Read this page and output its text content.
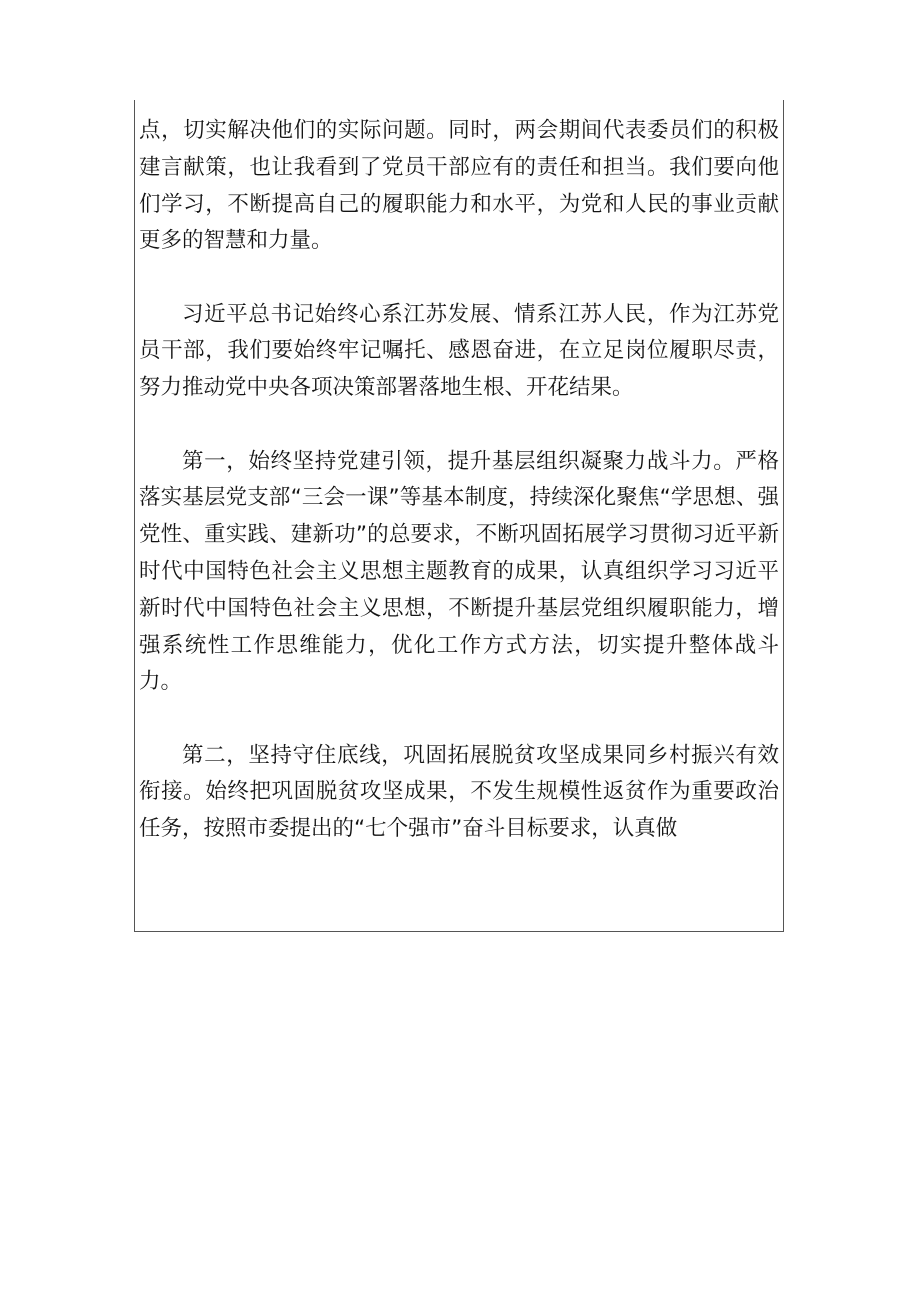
点，切实解决他们的实际问题。同时，两会期间代表委员们的积极建言献策，也让我看到了党员干部应有的责任和担当。我们要向他们学习，不断提高自己的履职能力和水平，为党和人民的事业贡献更多的智慧和力量。

习近平总书记始终心系江苏发展、情系江苏人民，作为江苏党员干部，我们要始终牢记嘱托、感恩奋进，在立足岗位履职尽责，努力推动党中央各项决策部署落地生根、开花结果。

第一，始终坚持党建引领，提升基层组织凝聚力战斗力。严格落实基层党支部“三会一课”等基本制度，持续深化聚焦“学思想、强党性、重实践、建新功”的总要求，不断巩固拓展学习贯彻习近平新时代中国特色社会主义思想主题教育的成果，认真组织学习习近平新时代中国特色社会主义思想，不断提升基层党组织履职能力，增强系统性工作思维能力，优化工作方式方法，切实提升整体战斗力。

第二，坚持守住底线，巩固拓展脱贫攻坚成果同乡村振兴有效衔接。始终把巩固脱贫攻坚成果，不发生规模性返贫作为重要政治任务，按照市委提出的“七个强市”奋斗目标要求，认真做
